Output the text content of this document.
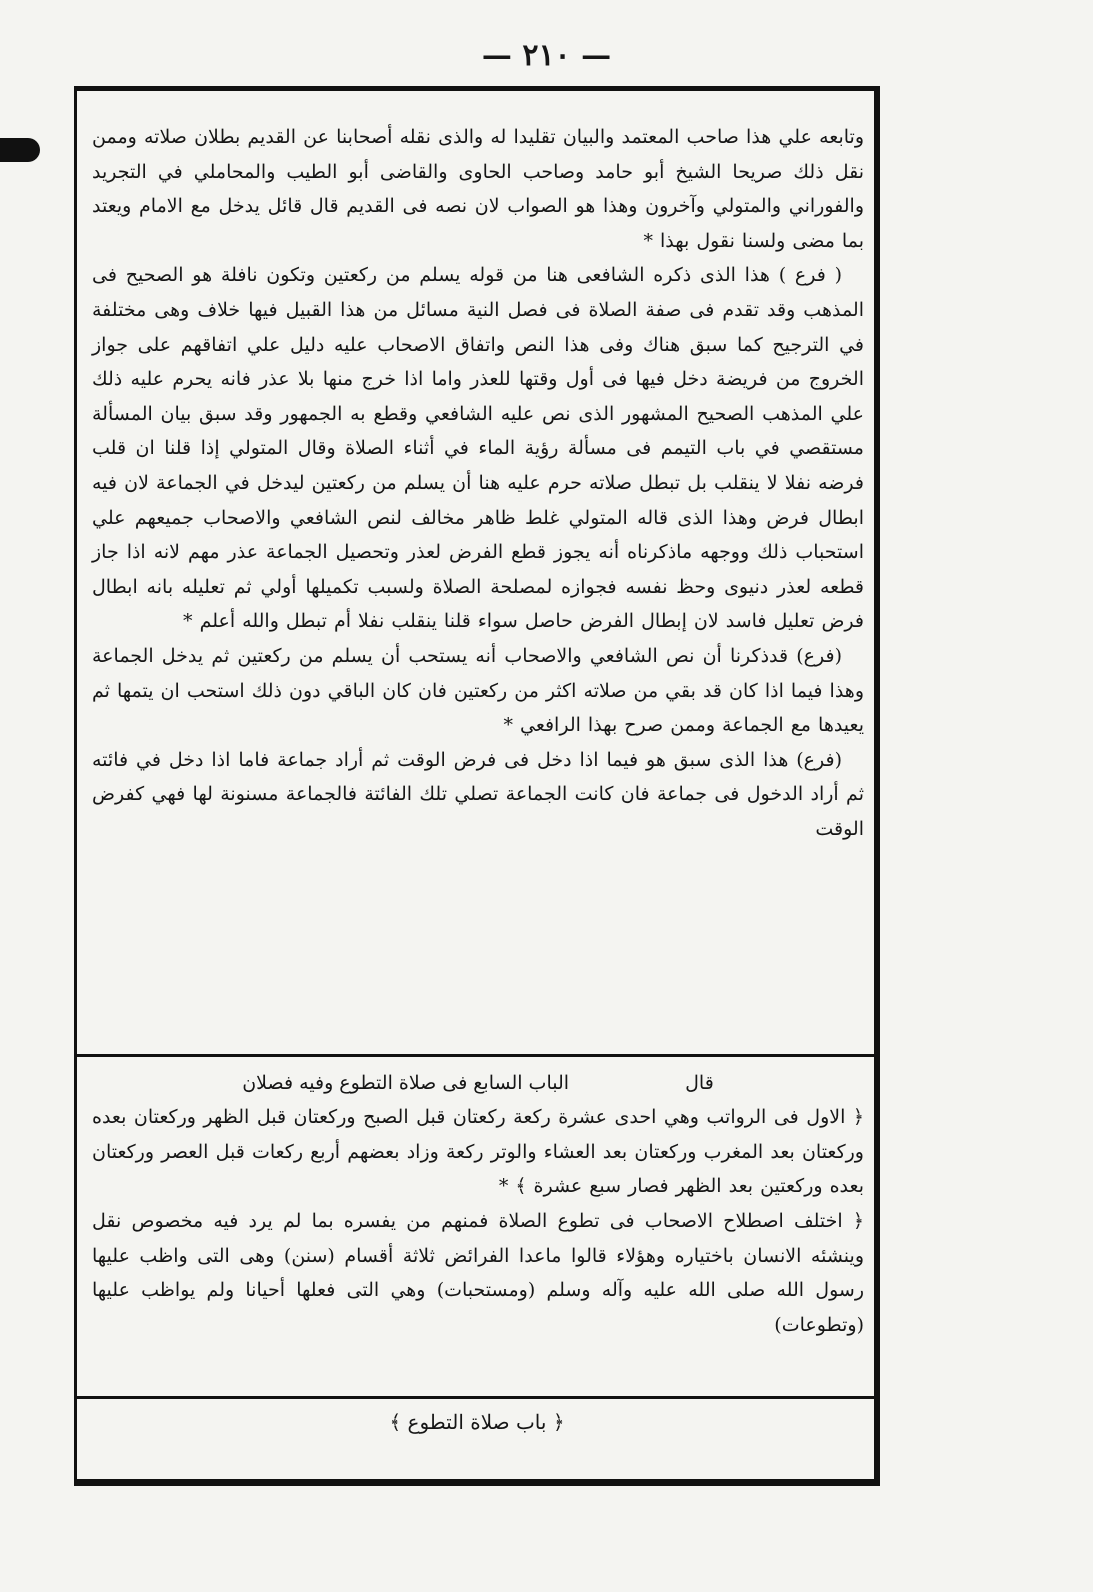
— ٢١٠ —

وتابعه علي هذا صاحب المعتمد والبيان تقليدا له والذى نقله أصحابنا عن القديم بطلان صلاته وممن نقل ذلك صريحا الشيخ أبو حامد وصاحب الحاوى والقاضى أبو الطيب والمحاملي في التجريد والفوراني والمتولي وآخرون وهذا هو الصواب لان نصه فى القديم قال قائل يدخل مع الامام ويعتد بما مضى ولسنا نقول بهذا *

( فرع ) هذا الذى ذكره الشافعى هنا من قوله يسلم من ركعتين وتكون نافلة هو الصحيح فى المذهب وقد تقدم فى صفة الصلاة فى فصل النية مسائل من هذا القبيل فيها خلاف وهى مختلفة في الترجيح كما سبق هناك وفى هذا النص واتفاق الاصحاب عليه دليل علي اتفاقهم على جواز الخروج من فريضة دخل فيها فى أول وقتها للعذر واما اذا خرج منها بلا عذر فانه يحرم عليه ذلك علي المذهب الصحيح المشهور الذى نص عليه الشافعي وقطع به الجمهور وقد سبق بيان المسألة مستقصي في باب التيمم فى مسألة رؤية الماء في أثناء الصلاة وقال المتولي إذا قلنا ان قلب فرضه نفلا لا ينقلب بل تبطل صلاته حرم عليه هنا أن يسلم من ركعتين ليدخل في الجماعة لان فيه ابطال فرض وهذا الذى قاله المتولي غلط ظاهر مخالف لنص الشافعي والاصحاب جميعهم علي استحباب ذلك ووجهه ماذكرناه أنه يجوز قطع الفرض لعذر وتحصيل الجماعة عذر مهم لانه اذا جاز قطعه لعذر دنيوى وحظ نفسه فجوازه لمصلحة الصلاة ولسبب تكميلها أولي ثم تعليله بانه ابطال فرض تعليل فاسد لان إبطال الفرض حاصل سواء قلنا ينقلب نفلا أم تبطل والله أعلم *

(فرع) قدذكرنا أن نص الشافعي والاصحاب أنه يستحب أن يسلم من ركعتين ثم يدخل الجماعة وهذا فيما اذا كان قد بقي من صلاته اكثر من ركعتين فان كان الباقي دون ذلك استحب ان يتمها ثم يعيدها مع الجماعة وممن صرح بهذا الرافعي *

(فرع) هذا الذى سبق هو فيما اذا دخل فى فرض الوقت ثم أراد جماعة فاما اذا دخل في فائته ثم أراد الدخول فى جماعة فان كانت الجماعة تصلي تلك الفائتة فالجماعة مسنونة لها فهي كفرض الوقت

قال الباب السابع فى صلاة التطوع وفيه فصلان

﴿ الاول فى الرواتب وهي احدى عشرة ركعة ركعتان قبل الصبح وركعتان قبل الظهر وركعتان بعده وركعتان بعد المغرب وركعتان بعد العشاء والوتر ركعة وزاد بعضهم أربع ركعات قبل العصر وركعتان بعده وركعتين بعد الظهر فصار سبع عشرة ﴾ *

﴿ اختلف اصطلاح الاصحاب فى تطوع الصلاة فمنهم من يفسره بما لم يرد فيه مخصوص نقل وينشئه الانسان باختياره وهؤلاء قالوا ماعدا الفرائض ثلاثة أقسام (سنن) وهى التى واظب عليها رسول الله صلى الله عليه وآله وسلم (ومستحبات) وهي التى فعلها أحيانا ولم يواظب عليها (وتطوعات)

﴿ باب صلاة التطوع ﴾
